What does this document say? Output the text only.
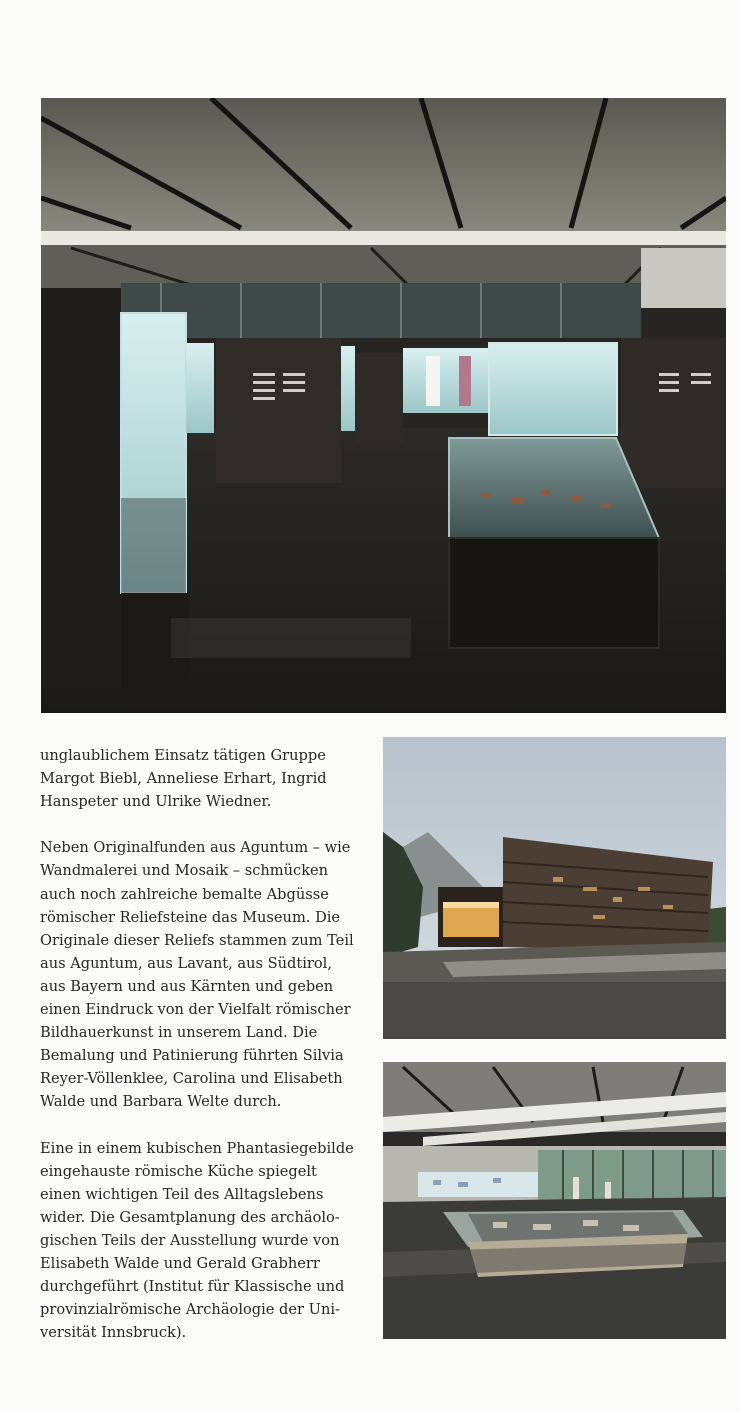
unglaublichem Einsatz tätigen Gruppe
Margot Biebl, Anneliese Erhart, Ingrid
Hanspeter und Ulrike Wiedner.

Neben Originalfunden aus Aguntum – wie
Wandmalerei und Mosaik – schmücken
auch noch zahlreiche bemalte Abgüsse
römischer Reliefsteine das Museum. Die
Originale dieser Reliefs stammen zum Teil
aus Aguntum, aus Lavant, aus Südtirol,
aus Bayern und aus Kärnten und geben
einen Eindruck von der Vielfalt römischer
Bildhauerkunst in unserem Land. Die
Bemalung und Patinierung führten Silvia
Reyer-Völlenklee, Carolina und Elisabeth
Walde und Barbara Welte durch.

Eine in einem kubischen Phantasiegebilde
eingehauste römische Küche spiegelt
einen wichtigen Teil des Alltagslebens
wider. Die Gesamtplanung des archäolo-
gischen Teils der Ausstellung wurde von
Elisabeth Walde und Gerald Grabherr
durchgeführt (Institut für Klassische und
provinzialrömische Archäologie der Uni-
versität Innsbruck).
